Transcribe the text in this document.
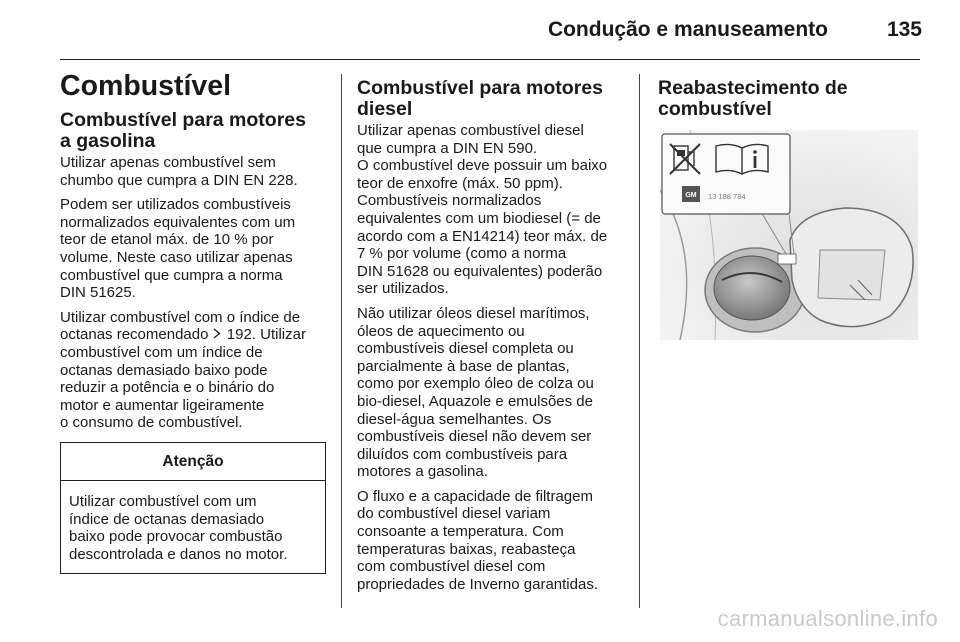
Condução e manuseamento	135
Combustível
Combustível para motores
a gasolina
Utilizar apenas combustível sem
chumbo que cumpra a DIN EN 228.
Podem ser utilizados combustíveis
normalizados equivalentes com um
teor de etanol máx. de 10 % por
volume. Neste caso utilizar apenas
combustível que cumpra a norma
DIN 51625.
Utilizar combustível com o índice de
octanas recomendado  192. Utilizar
combustível com um índice de
octanas demasiado baixo pode
reduzir a potência e o binário do
motor e aumentar ligeiramente
o consumo de combustível.
Atenção
Utilizar combustível com um
índice de octanas demasiado
baixo pode provocar combustão
descontrolada e danos no motor.
Combustível para motores
diesel
Utilizar apenas combustível diesel
que cumpra a DIN EN 590.
O combustível deve possuir um baixo
teor de enxofre (máx. 50 ppm).
Combustíveis normalizados
equivalentes com um biodiesel (= de
acordo com a EN14214) teor máx. de
7 % por volume (como a norma
DIN 51628 ou equivalentes) poderão
ser utilizados.
Não utilizar óleos diesel marítimos,
óleos de aquecimento ou
combustíveis diesel completa ou
parcialmente à base de plantas,
como por exemplo óleo de colza ou
bio-diesel, Aquazole e emulsões de
diesel-água semelhantes. Os
combustíveis diesel não devem ser
diluídos com combustíveis para
motores a gasolina.
O fluxo e a capacidade de filtragem
do combustível diesel variam
consoante a temperatura. Com
temperaturas baixas, reabasteça
com combustível diesel com
propriedades de Inverno garantidas.
Reabastecimento de
combustível
GM 13 188 784
carmanualsonline.info
